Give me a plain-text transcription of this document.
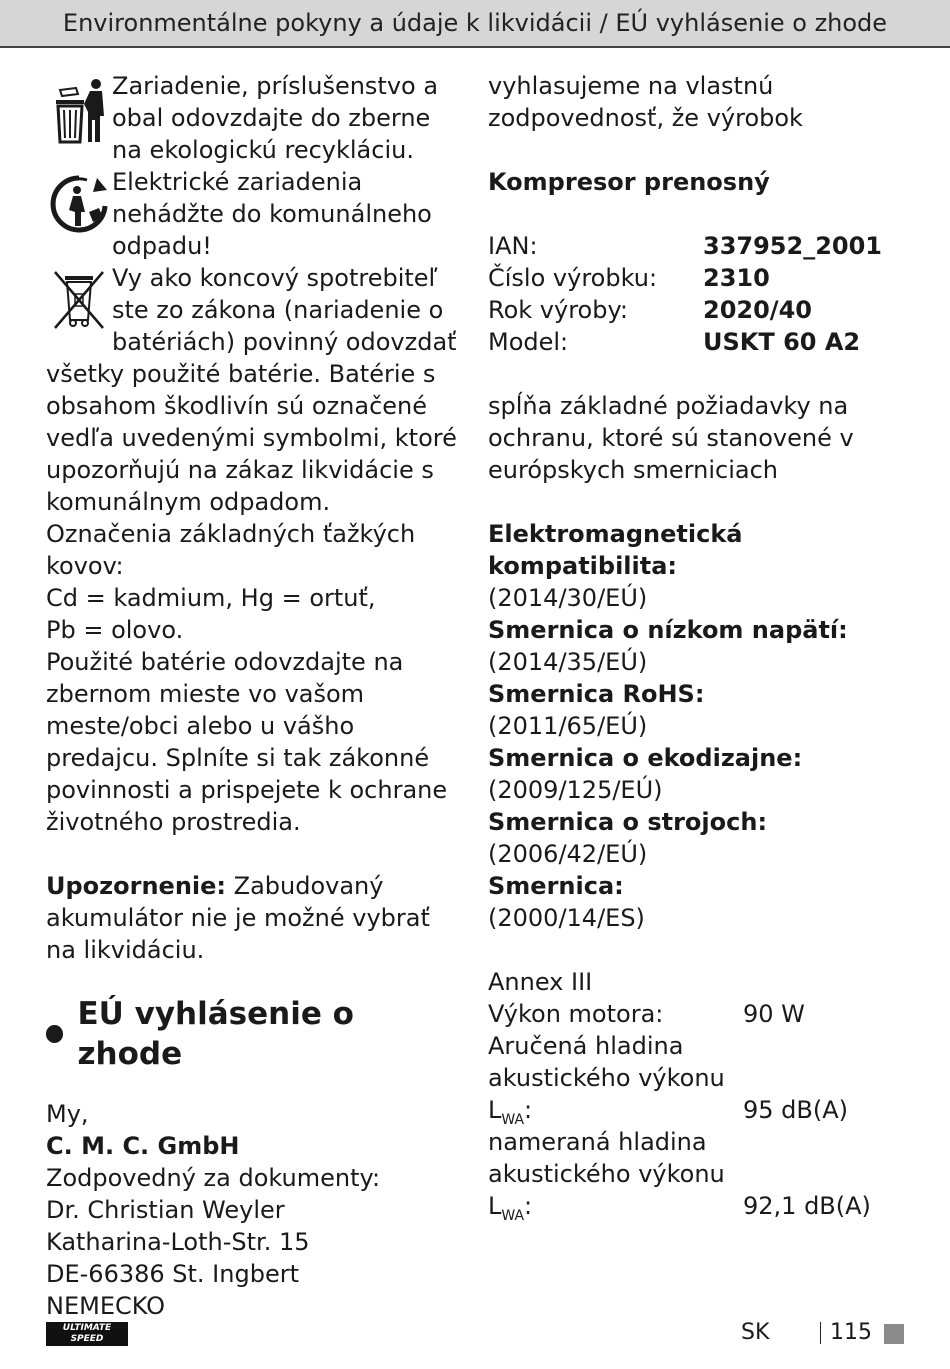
Environmentálne pokyny a údaje k likvidácii / EÚ vyhlásenie o zhode

Zariadenie, príslušenstvo a obal odovzdajte do zberne na ekologickú recykláciu.

Elektrické zariadenia nehádžte do komunálneho odpadu!

Vy ako koncový spotrebiteľ ste zo zákona (nariadenie o batériách) povinný odovzdať

všetky použité batérie. Batérie s obsahom škodlivín sú označené vedľa uvedenými symbolmi, ktoré upozorňujú na zákaz likvidácie s komunálnym odpadom. Označenia základných ťažkých kovov:

Cd = kadmium, Hg = ortuť,

Pb = olovo.

Použité batérie odovzdajte na zbernom mieste vo vašom meste/obci alebo u vášho predajcu. Splníte si tak zákonné povinnosti a prispejete k ochrane životného prostredia.

Upozornenie: Zabudovaný akumulátor nie je možné vybrať na likvidáciu.

EÚ vyhlásenie o zhode

My,

C. M. C. GmbH

Zodpovedný za dokumenty:

Dr. Christian Weyler

Katharina-Loth-Str. 15

DE-66386 St. Ingbert

NEMECKO

vyhlasujeme na vlastnú zodpovednosť, že výrobok

Kompresor prenosný

IAN:	337952_2001
Číslo výrobku:	2310
Rok výroby:	2020/40
Model:	USKT 60 A2

spĺňa základné požiadavky na ochranu, ktoré sú stanovené v európskych smerniciach

Elektromagnetická kompatibilita:

(2014/30/EÚ)

Smernica o nízkom napätí:

(2014/35/EÚ)

Smernica RoHS:

(2011/65/EÚ)

Smernica o ekodizajne:

(2009/125/EÚ)

Smernica o strojoch:

(2006/42/EÚ)

Smernica:

(2000/14/ES)

Annex III

Výkon motora:	90 W

Aručená hladina

akustického výkonu

$L_{WA}$:	95 dB(A)

nameraná hladina

akustického výkonu

$L_{WA}$:	92,1 dB(A)
ULTIMATE
SPEED	SK	115
